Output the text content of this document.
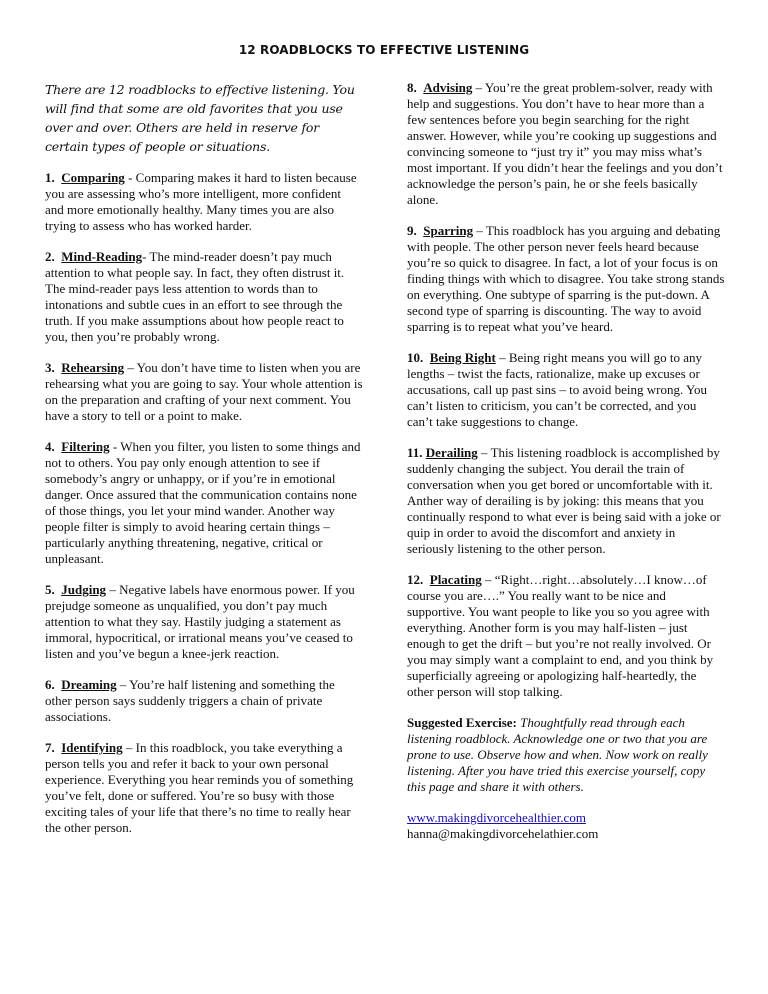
12 ROADBLOCKS TO EFFECTIVE LISTENING

There are 12 roadblocks to effective listening. You will find that some are old favorites that you use over and over. Others are held in reserve for certain types of people or situations.

1. Comparing - Comparing makes it hard to listen because you are assessing who’s more intelligent, more confident and more emotionally healthy. Many times you are also trying to assess who has worked harder.

2. Mind-Reading- The mind-reader doesn’t pay much attention to what people say. In fact, they often distrust it. The mind-reader pays less attention to words than to intonations and subtle cues in an effort to see through the truth. If you make assumptions about how people react to you, then you’re probably wrong.

3. Rehearsing – You don’t have time to listen when you are rehearsing what you are going to say. Your whole attention is on the preparation and crafting of your next comment. You have a story to tell or a point to make.

4. Filtering - When you filter, you listen to some things and not to others. You pay only enough attention to see if somebody’s angry or unhappy, or if you’re in emotional danger. Once assured that the communication contains none of those things, you let your mind wander. Another way people filter is simply to avoid hearing certain things – particularly anything threatening, negative, critical or unpleasant.

5. Judging – Negative labels have enormous power. If you prejudge someone as unqualified, you don’t pay much attention to what they say. Hastily judging a statement as immoral, hypocritical, or irrational means you’ve ceased to listen and you’ve begun a knee-jerk reaction.

6. Dreaming – You’re half listening and something the other person says suddenly triggers a chain of private associations.

7. Identifying – In this roadblock, you take everything a person tells you and refer it back to your own personal experience. Everything you hear reminds you of something you’ve felt, done or suffered. You’re so busy with those exciting tales of your life that there’s no time to really hear the other person.

8. Advising – You’re the great problem-solver, ready with help and suggestions. You don’t have to hear more than a few sentences before you begin searching for the right answer. However, while you’re cooking up suggestions and convincing someone to “just try it” you may miss what’s most important. If you didn’t hear the feelings and you don’t acknowledge the person’s pain, he or she feels basically alone.

9. Sparring – This roadblock has you arguing and debating with people. The other person never feels heard because you’re so quick to disagree. In fact, a lot of your focus is on finding things with which to disagree. You take strong stands on everything. One subtype of sparring is the put-down. A second type of sparring is discounting. The way to avoid sparring is to repeat what you’ve heard.

10. Being Right – Being right means you will go to any lengths – twist the facts, rationalize, make up excuses or accusations, call up past sins – to avoid being wrong. You can’t listen to criticism, you can’t be corrected, and you can’t take suggestions to change.

11. Derailing – This listening roadblock is accomplished by suddenly changing the subject. You derail the train of conversation when you get bored or uncomfortable with it. Anther way of derailing is by joking: this means that you continually respond to what ever is being said with a joke or quip in order to avoid the discomfort and anxiety in seriously listening to the other person.

12. Placating – “Right…right…absolutely…I know…of course you are….” You really want to be nice and supportive. You want people to like you so you agree with everything. Another form is you may half-listen – just enough to get the drift – but you’re not really involved. Or you may simply want a complaint to end, and you think by superficially agreeing or apologizing half-heartedly, the other person will stop talking.

Suggested Exercise: Thoughtfully read through each listening roadblock. Acknowledge one or two that you are prone to use. Observe how and when. Now work on really listening. After you have tried this exercise yourself, copy this page and share it with others.

www.makingdivorcehealthier.com
hanna@makingdivorcehelathier.com
